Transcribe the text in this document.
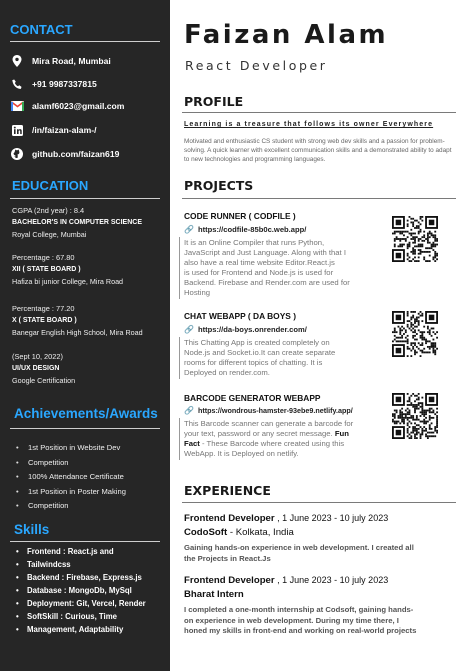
CONTACT
Mira Road, Mumbai
+91 9987337815
alamf6023@gmail.com
/in/faizan-alam-/
github.com/faizan619
EDUCATION
CGPA (2nd year) : 8.4
BACHELOR'S IN COMPUTER SCIENCE
Royal College, Mumbai
Percentage : 67.80
XII ( STATE BOARD )
Hafiza bi junior College, Mira Road
Percentage : 77.20
X ( STATE BOARD )
Banegar English High School, Mira Road
(Sept 10, 2022)
UI/UX DESIGN
Google Certification
Achievements/Awards
• 1st Position in Website Dev
• Competition
• 100% Attendance Certificate
• 1st Position in Poster Making
• Competition
Skills
• Frontend : React.js and
• Tailwindcss
• Backend : Firebase, Express.js
• Database : MongoDb, MySql
• Deployment: Git, Vercel, Render
• SoftSkill : Curious, Time
• Management, Adaptability
Faizan Alam
React Developer
PROFILE
Learning is a treasure that follows its owner Everywhere
Motivated and enthusiastic CS student with strong web dev skills and a passion for problem-solving. A quick learner with excellent communication skills and a demonstrated ability to adapt to new technologies and programming languages.
PROJECTS
CODE RUNNER ( CODFILE )
🔗 https://codfile-85b0c.web.app/
It is an Online Compiler that runs Python,
JavaScript and Just Language. Along with that I
also have a real time website Editor.React.js
is used for Frontend and Node.js is used for
Backend. Firebase and Render.com are used for
Hosting
CHAT WEBAPP ( DA BOYS )
🔗 https://da-boys.onrender.com/
This Chatting App is created completely on
Node.js and Socket.io.It can create separate
rooms for different topics of chatting. It is
Deployed on render.com.
BARCODE GENERATOR WEBAPP
🔗 https://wondrous-hamster-93ebe9.netlify.app/
This Barcode scanner can generate a barcode for
your text, password or any secret message. Fun
Fact - These Barcode where created using this
WebApp. It is Deployed on netlify.
EXPERIENCE
Frontend Developer , 1 June 2023 - 10 july 2023
CodoSoft - Kolkata, India
Gaining hands-on experience in web development. I created all
the Projects in React.Js
Frontend Developer , 1 June 2023 - 10 july 2023
Bharat Intern
I completed a one-month internship at Codsoft, gaining hands-
on experience in web development. During my time there, I
honed my skills in front-end and working on real-world projects
